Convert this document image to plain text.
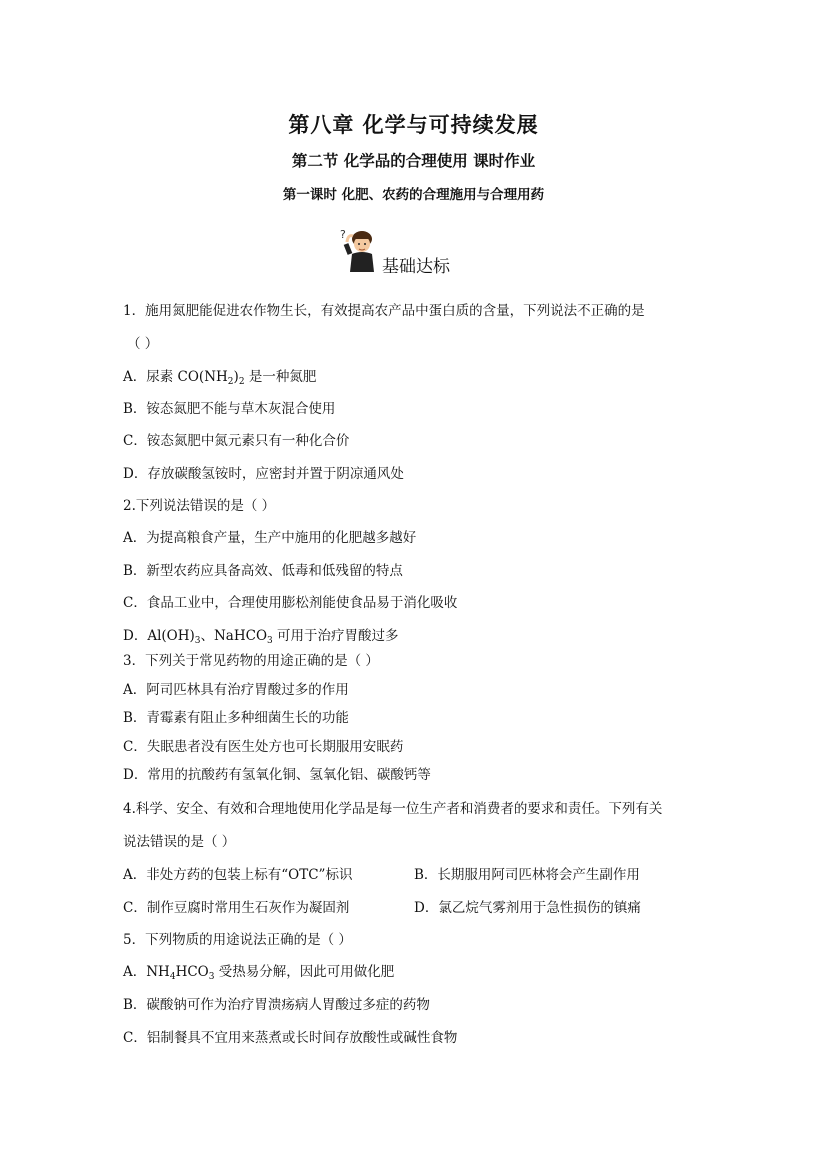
第八章 化学与可持续发展
第二节 化学品的合理使用 课时作业
第一课时 化肥、农药的合理施用与合理用药
?
基础达标
1．施用氮肥能促进农作物生长，有效提高农产品中蛋白质的含量，下列说法不正确的是
（ ）
A．尿素 $CO(NH_2)_2$ 是一种氮肥
B．铵态氮肥不能与草木灰混合使用
C．铵态氮肥中氮元素只有一种化合价
D．存放碳酸氢铵时，应密封并置于阴凉通风处
2.下列说法错误的是（ ）
A．为提高粮食产量，生产中施用的化肥越多越好
B．新型农药应具备高效、低毒和低残留的特点
C．食品工业中，合理使用膨松剂能使食品易于消化吸收
D．$Al(OH)_3$、NaHCO$_3$ 可用于治疗胃酸过多
3．下列关于常见药物的用途正确的是（ ）
A．阿司匹林具有治疗胃酸过多的作用
B．青霉素有阻止多种细菌生长的功能
C．失眠患者没有医生处方也可长期服用安眠药
D．常用的抗酸药有氢氧化铜、氢氧化铝、碳酸钙等
4.科学、安全、有效和合理地使用化学品是每一位生产者和消费者的要求和责任。下列有关
说法错误的是（ ）
A．非处方药的包装上标有“OTC”标识	B．长期服用阿司匹林将会产生副作用
C．制作豆腐时常用生石灰作为凝固剂	D．氯乙烷气雾剂用于急性损伤的镇痛
5．下列物质的用途说法正确的是（ ）
A．$NH_4HCO_3$ 受热易分解，因此可用做化肥
B．碳酸钠可作为治疗胃溃疡病人胃酸过多症的药物
C．铝制餐具不宜用来蒸煮或长时间存放酸性或碱性食物
